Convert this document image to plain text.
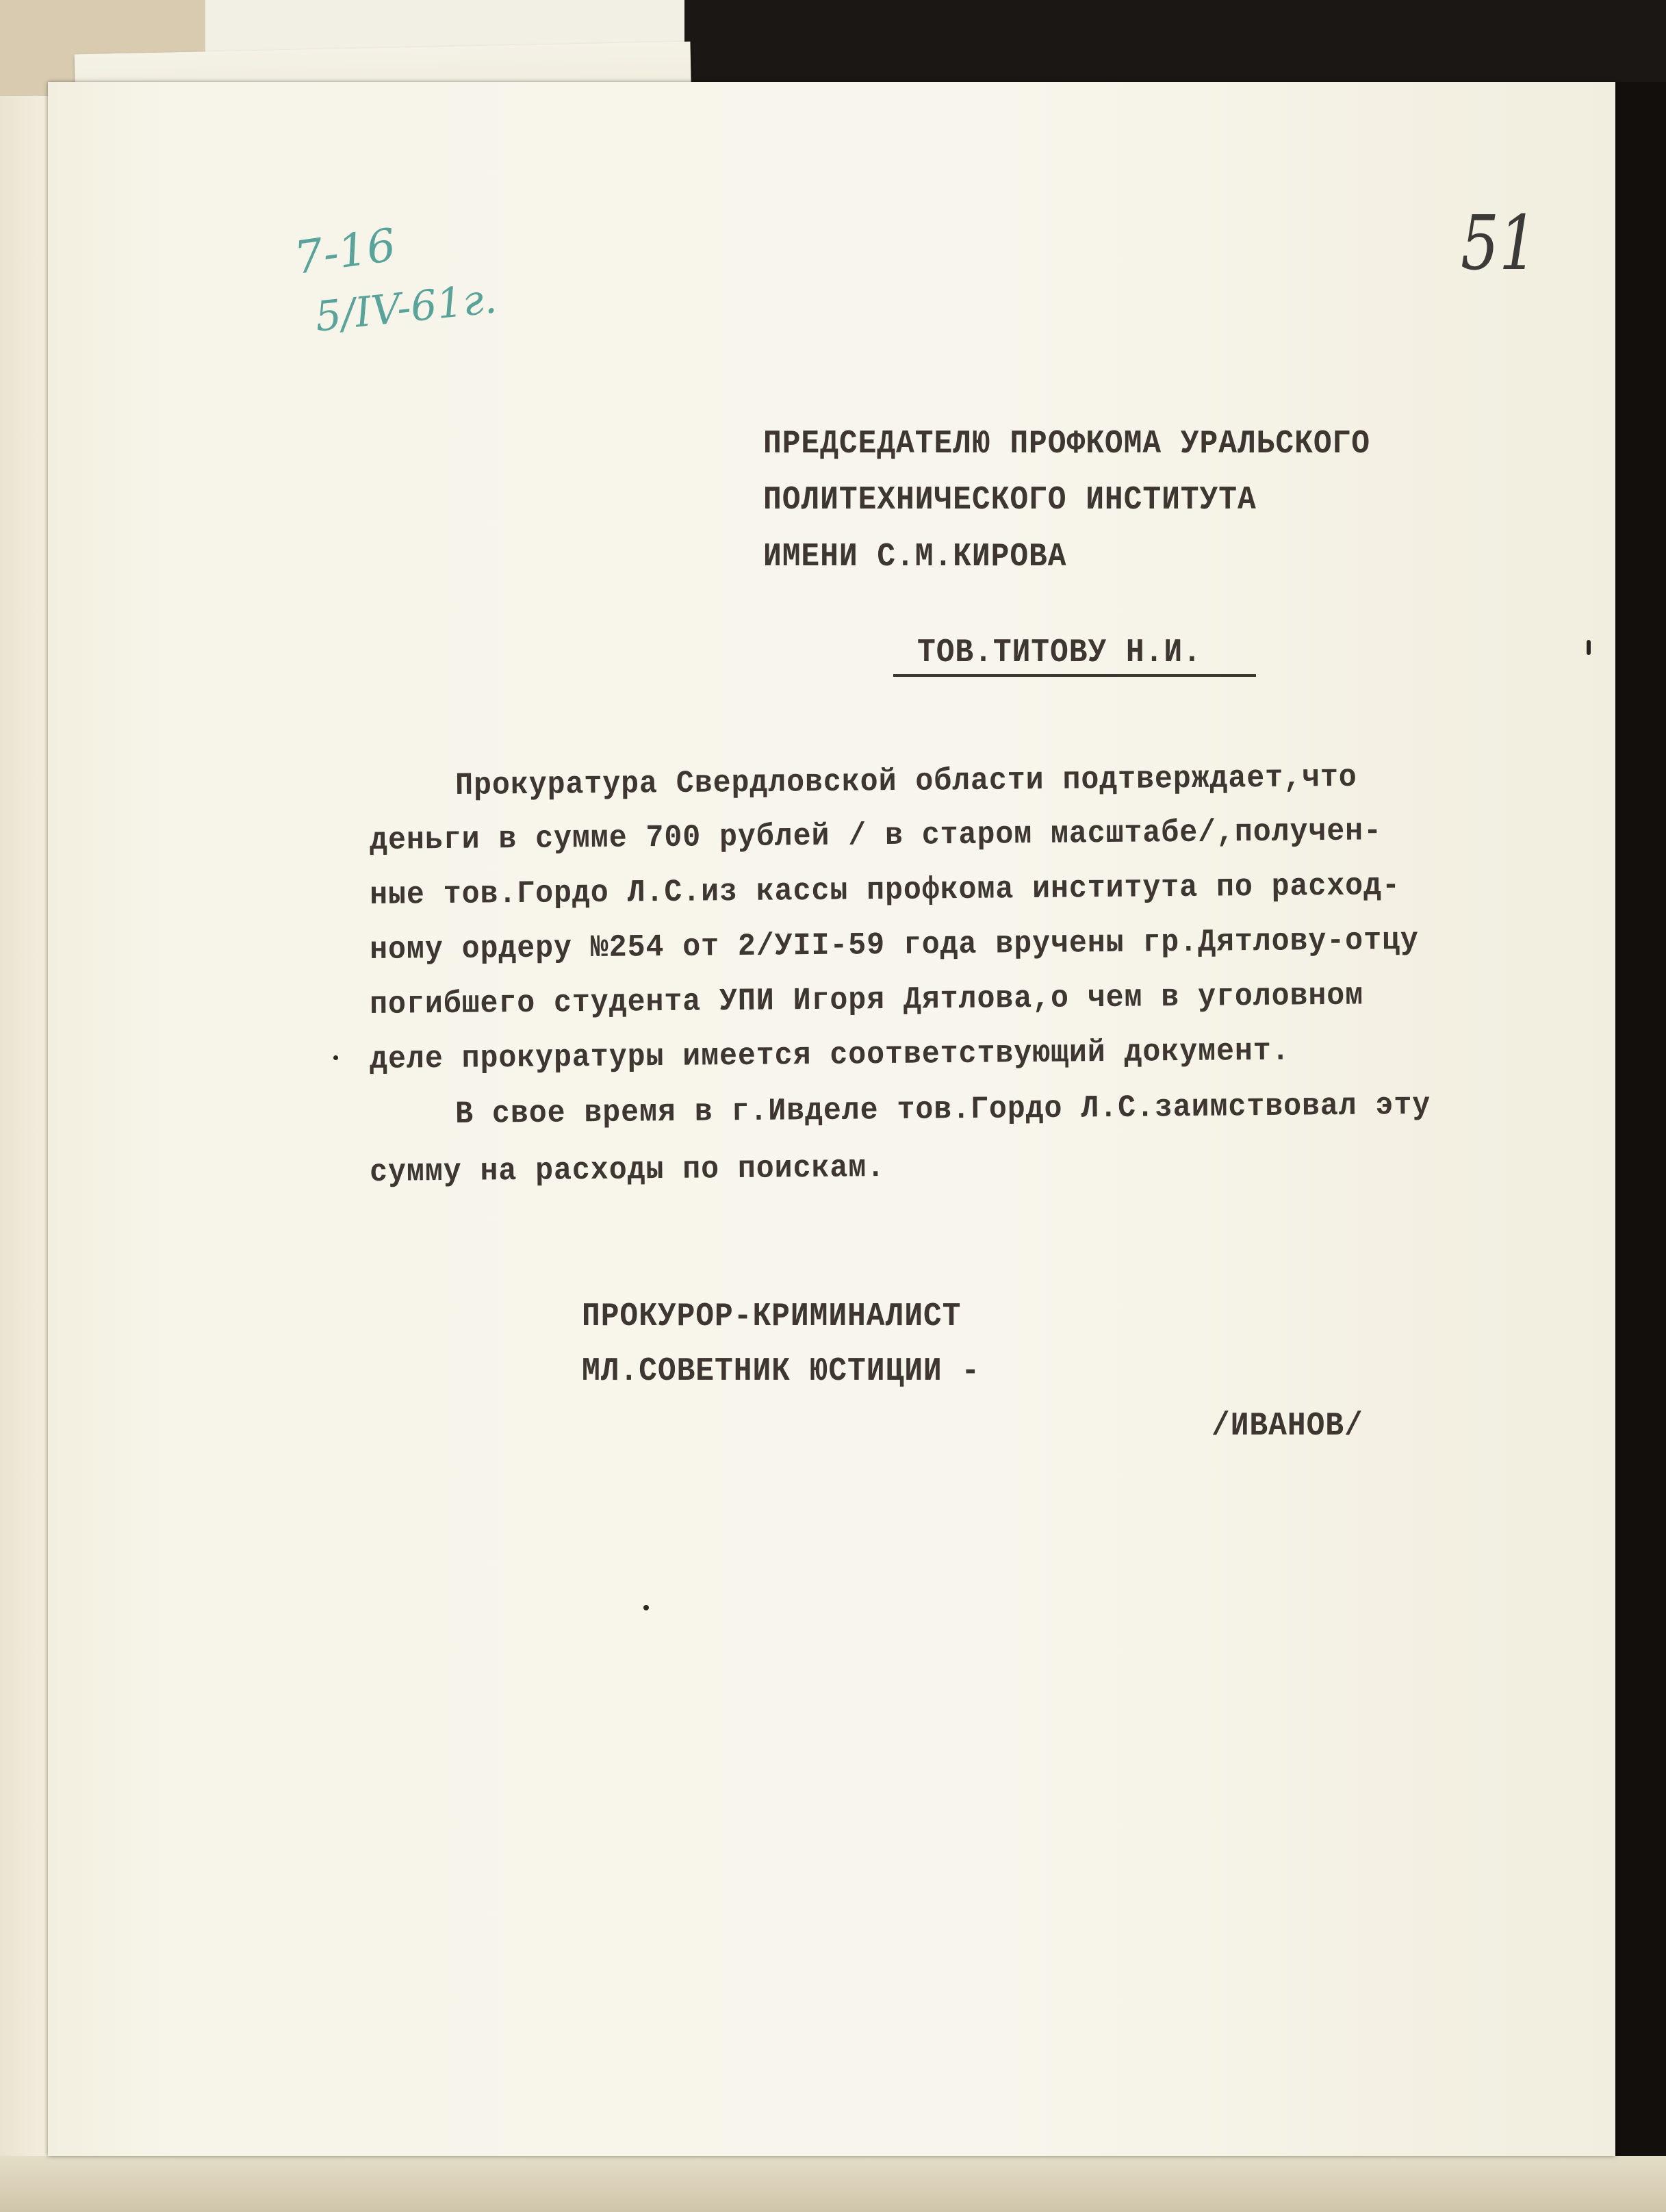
7-16
5/IV-61г.
51
ПРЕДСЕДАТЕЛЮ ПРОФКОМА УРАЛЬСКОГО
ПОЛИТЕХНИЧЕСКОГО ИНСТИТУТА
ИМЕНИ С.М.КИРОВА
ТОВ.ТИТОВУ Н.И.
Прокуратура Свердловской области подтверждает,что
деньги в сумме 700 рублей / в старом масштабе/,получен-
ные тов.Гордо Л.С.из кассы профкома института по расход-
ному ордеру №254 от 2/УII-59 года вручены гр.Дятлову-отцу
погибшего студента УПИ Игоря Дятлова,о чем в уголовном
деле прокуратуры имеется соответствующий документ.
В свое время в г.Ивделе тов.Гордо Л.С.заимствовал эту
сумму на расходы по поискам.
ПРОКУРОР-КРИМИНАЛИСТ
МЛ.СОВЕТНИК ЮСТИЦИИ -
/ИВАНОВ/
